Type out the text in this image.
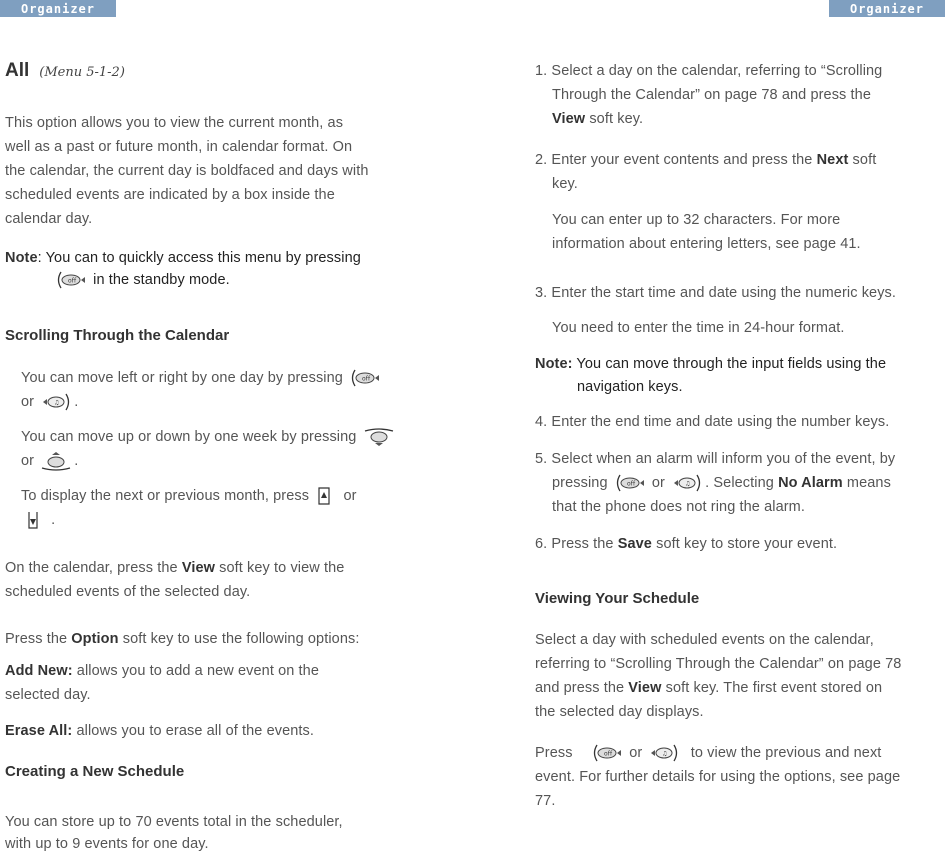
Organizer	Organizer
All (Menu 5-1-2)

This option allows you to view the current month, as

well as a past or future month, in calendar format. On

the calendar, the current day is boldfaced and days with

scheduled events are indicated by a box inside the

calendar day.

Note: You can to quickly access this menu by pressing

off in the standby mode.

Scrolling Through the Calendar

You can move left or right by one day by pressing	off

or	♫ .

You can move up or down by one week by pressing

or	.

To display the next or previous month, press or

.

On the calendar, press the View soft key to view the

scheduled events of the selected day.

Press the Option soft key to use the following options:

Add New: allows you to add a new event on the

selected day.

Erase All: allows you to erase all of the events.

Creating a New Schedule

You can store up to 70 events total in the scheduler,

with up to 9 events for one day.

1. Select a day on the calendar, referring to “Scrolling

Through the Calendar” on page 78 and press the

View soft key.

2. Enter your event contents and press the Next soft

key.

You can enter up to 32 characters. For more

information about entering letters, see page 41.

3. Enter the start time and date using the numeric keys.

You need to enter the time in 24-hour format.

Note: You can move through the input fields using the

navigation keys.

4. Enter the end time and date using the number keys.

5. Select when an alarm will inform you of the event, by

pressing	off or	♫ . Selecting No Alarm means

that the phone does not ring the alarm.

6. Press the Save soft key to store your event.

Viewing Your Schedule

Select a day with scheduled events on the calendar,

referring to “Scrolling Through the Calendar” on page 78

and press the View soft key. The first event stored on

the selected day displays.

Press	off or	♫ to view the previous and next

event. For further details for using the options, see page

77.
